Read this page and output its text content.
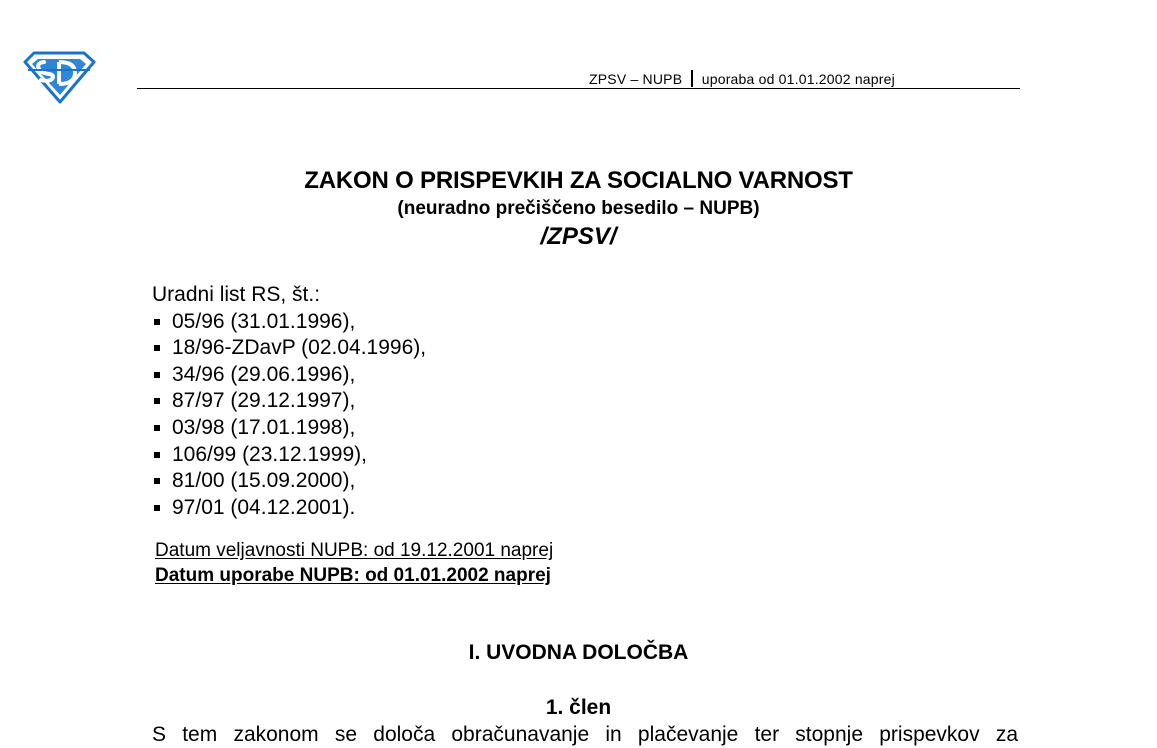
ZPSV – NUPB uporaba od 01.01.2002 naprej
ZAKON O PRISPEVKIH ZA SOCIALNO VARNOST
(neuradno prečiščeno besedilo – NUPB)
/ZPSV/
Uradni list RS, št.:
05/96 (31.01.1996),
18/96-ZDavP (02.04.1996),
34/96 (29.06.1996),
87/97 (29.12.1997),
03/98 (17.01.1998),
106/99 (23.12.1999),
81/00 (15.09.2000),
97/01 (04.12.2001).
Datum veljavnosti NUPB: od 19.12.2001 naprej
Datum uporabe NUPB: od 01.01.2002 naprej
I. UVODNA DOLOČBA
1. člen
S tem zakonom se določa obračunavanje in plačevanje ter stopnje prispevkov za
